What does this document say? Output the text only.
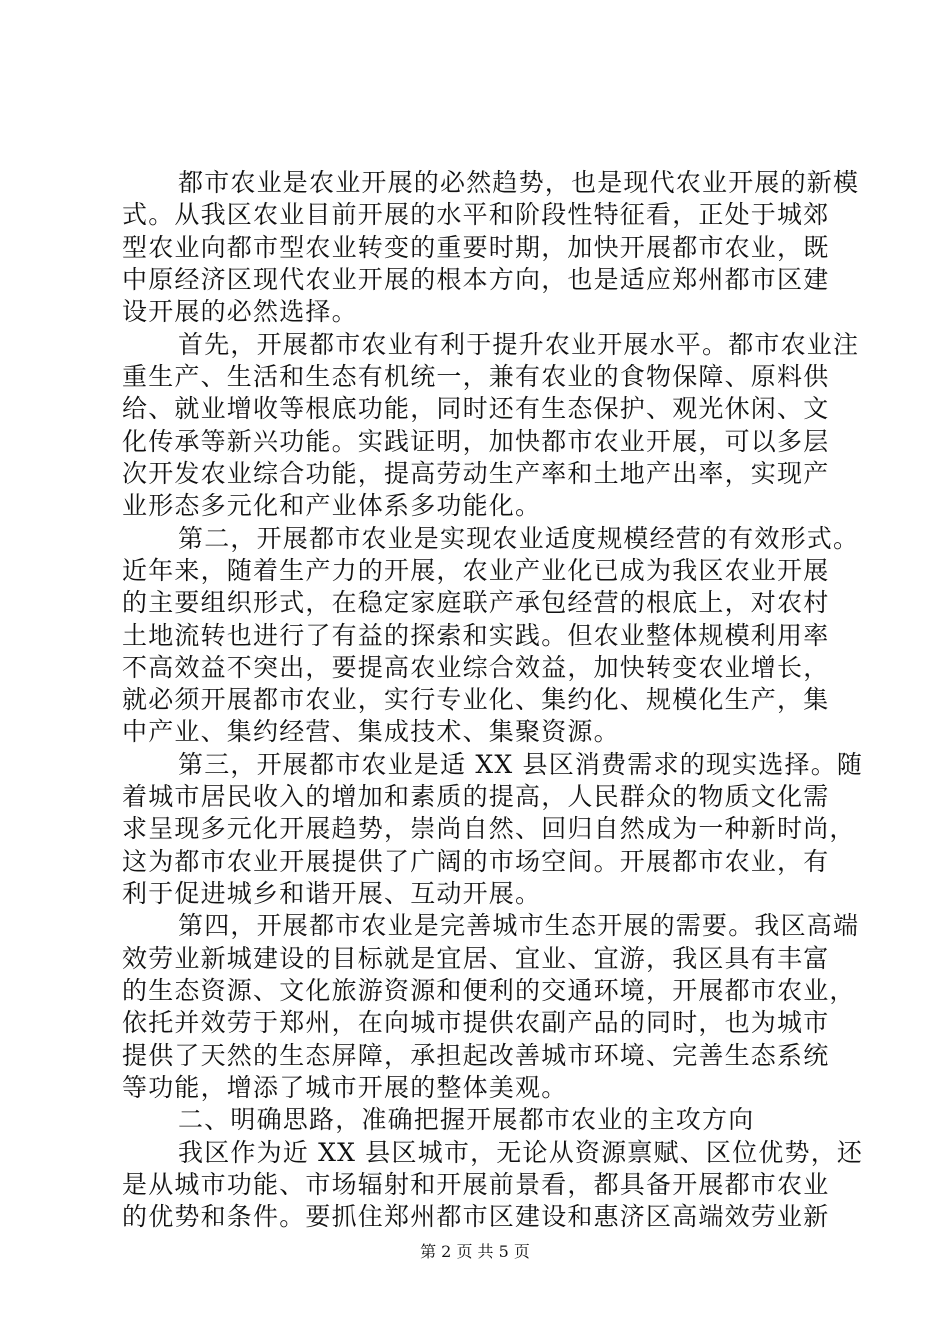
都市农业是农业开展的必然趋势，也是现代农业开展的新模
式。从我区农业目前开展的水平和阶段性特征看，正处于城郊
型农业向都市型农业转变的重要时期，加快开展都市农业，既
中原经济区现代农业开展的根本方向，也是适应郑州都市区建
设开展的必然选择。
首先，开展都市农业有利于提升农业开展水平。都市农业注
重生产、生活和生态有机统一，兼有农业的食物保障、原料供
给、就业增收等根底功能，同时还有生态保护、观光休闲、文
化传承等新兴功能。实践证明，加快都市农业开展，可以多层
次开发农业综合功能，提高劳动生产率和土地产出率，实现产
业形态多元化和产业体系多功能化。
第二，开展都市农业是实现农业适度规模经营的有效形式。
近年来，随着生产力的开展，农业产业化已成为我区农业开展
的主要组织形式，在稳定家庭联产承包经营的根底上，对农村
土地流转也进行了有益的探索和实践。但农业整体规模利用率
不高效益不突出，要提高农业综合效益，加快转变农业增长，
就必须开展都市农业，实行专业化、集约化、规模化生产，集
中产业、集约经营、集成技术、集聚资源。
第三，开展都市农业是适 XX 县区消费需求的现实选择。随
着城市居民收入的增加和素质的提高，人民群众的物质文化需
求呈现多元化开展趋势，崇尚自然、回归自然成为一种新时尚，
这为都市农业开展提供了广阔的市场空间。开展都市农业，有
利于促进城乡和谐开展、互动开展。
第四，开展都市农业是完善城市生态开展的需要。我区高端
效劳业新城建设的目标就是宜居、宜业、宜游，我区具有丰富
的生态资源、文化旅游资源和便利的交通环境，开展都市农业，
依托并效劳于郑州，在向城市提供农副产品的同时，也为城市
提供了天然的生态屏障，承担起改善城市环境、完善生态系统
等功能，增添了城市开展的整体美观。
二、明确思路，准确把握开展都市农业的主攻方向
我区作为近 XX 县区城市，无论从资源禀赋、区位优势，还
是从城市功能、市场辐射和开展前景看，都具备开展都市农业
的优势和条件。要抓住郑州都市区建设和惠济区高端效劳业新
第 2 页 共 5 页
